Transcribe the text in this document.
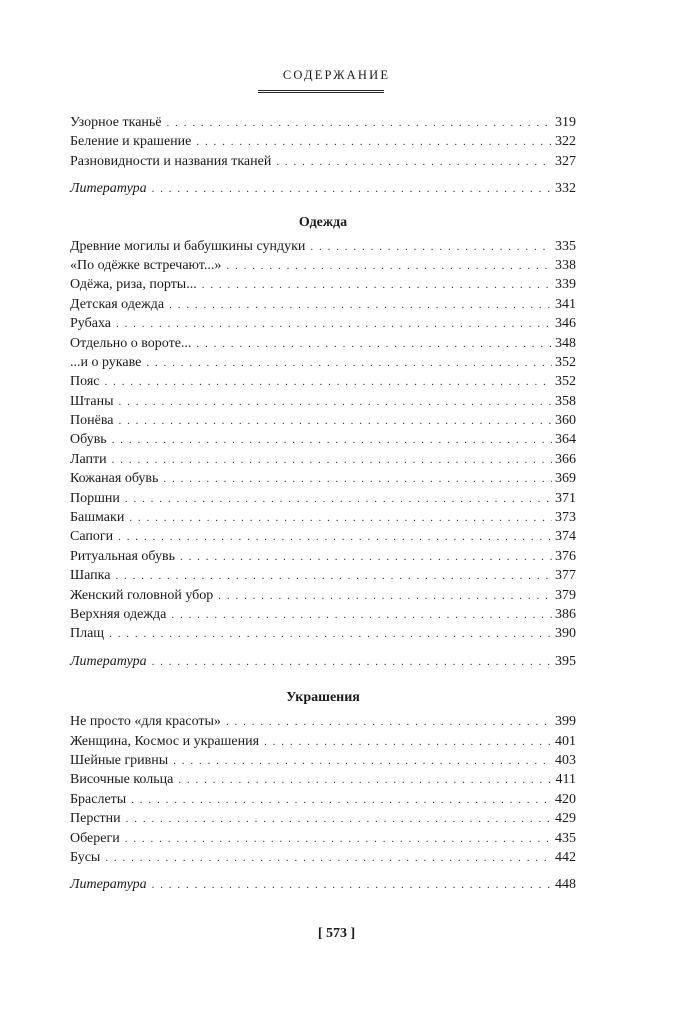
СОДЕРЖАНИЕ
Узорное тканьё . . .	319
Беление и крашение . . .	322
Разновидности и названия тканей . . .	327
Литература . . .	332
Одежда
Древние могилы и бабушкины сундуки . . .	335
«По одёжке встречают...» . . .	338
Одёжа, риза, порты... . . .	339
Детская одежда . . .	341
Рубаха . . .	346
Отдельно о вороте... . . .	348
...и о рукаве . . .	352
Пояс . . .	352
Штаны . . .	358
Понёва . . .	360
Обувь . . .	364
Лапти . . .	366
Кожаная обувь . . .	369
Поршни . . .	371
Башмаки . . .	373
Сапоги . . .	374
Ритуальная обувь . . .	376
Шапка . . .	377
Женский головной убор . . .	379
Верхняя одежда . . .	386
Плащ . . .	390
Литература . . .	395
Украшения
Не просто «для красоты» . . .	399
Женщина, Космос и украшения . . .	401
Шейные гривны . . .	403
Височные кольца . . .	411
Браслеты . . .	420
Перстни . . .	429
Обереги . . .	435
Бусы . . .	442
Литература . . .	448
[ 573 ]
